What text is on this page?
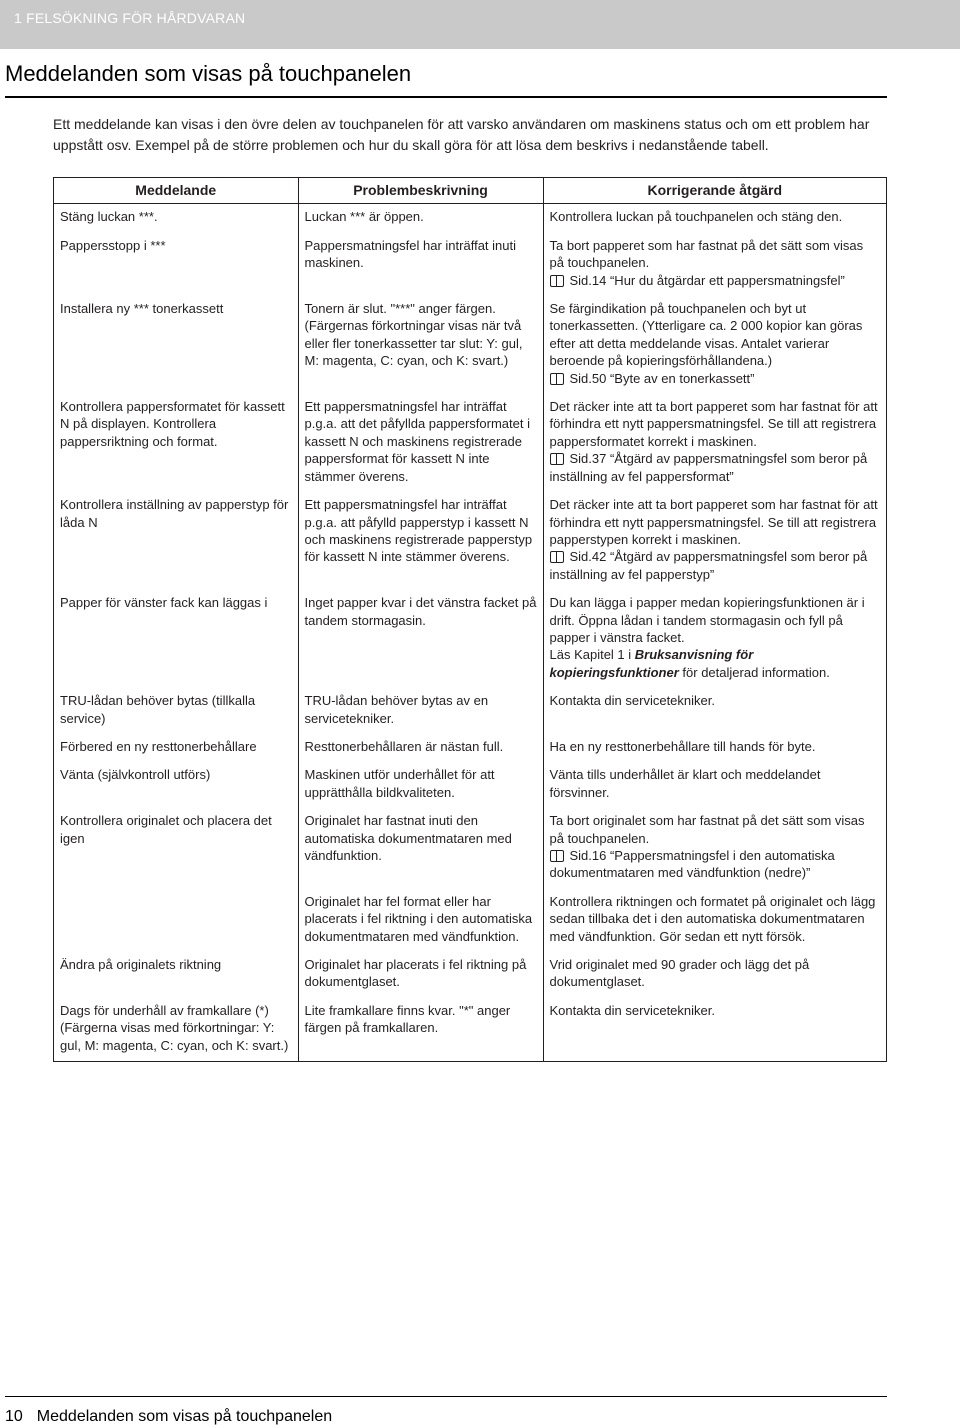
1 FELSÖKNING FÖR HÅRDVARAN
Meddelanden som visas på touchpanelen

Ett meddelande kan visas i den övre delen av touchpanelen för att varsko användaren om maskinens status och om ett problem har uppstått osv. Exempel på de större problemen och hur du skall göra för att lösa dem beskrivs i nedanstående tabell.

Meddelande	Problembeskrivning	Korrigerande åtgärd
Stäng luckan ***.	Luckan *** är öppen.	Kontrollera luckan på touchpanelen och stäng den.
Pappersstopp i ***	Pappersmatningsfel har inträffat inuti maskinen.	Ta bort papperet som har fastnat på det sätt som visas på touchpanelen.
Sid.14 “Hur du åtgärdar ett pappersmatningsfel”

Installera ny *** tonerkassett	Tonern är slut. "***" anger färgen. (Färgernas förkortningar visas när två eller fler tonerkassetter tar slut: Y: gul, M: magenta, C: cyan, och K: svart.)	Se färgindikation på touchpanelen och byt ut tonerkassetten. (Ytterligare ca. 2 000 kopior kan göras efter att detta meddelande visas. Antalet varierar beroende på kopieringsförhållandena.)
Sid.50 “Byte av en tonerkassett”

Kontrollera pappersformatet för kassett N på displayen. Kontrollera pappersriktning och format.	Ett pappersmatningsfel har inträffat p.g.a. att det påfyllda pappersformatet i kassett N och maskinens registrerade pappersformat för kassett N inte stämmer överens.	Det räcker inte att ta bort papperet som har fastnat för att förhindra ett nytt pappersmatningsfel. Se till att registrera pappersformatet korrekt i maskinen.
Sid.37 “Åtgärd av pappersmatningsfel som beror på inställning av fel pappersformat”

Kontrollera inställning av papperstyp för låda N	Ett pappersmatningsfel har inträffat p.g.a. att påfylld papperstyp i kassett N och maskinens registrerade papperstyp för kassett N inte stämmer överens.	Det räcker inte att ta bort papperet som har fastnat för att förhindra ett nytt pappersmatningsfel. Se till att registrera papperstypen korrekt i maskinen.
Sid.42 “Åtgärd av pappersmatningsfel som beror på inställning av fel papperstyp”

Papper för vänster fack kan läggas i	Inget papper kvar i det vänstra facket på tandem stormagasin.	Du kan lägga i papper medan kopieringsfunktionen är i drift. Öppna lådan i tandem stormagasin och fyll på papper i vänstra facket.
Läs Kapitel 1 i Bruksanvisning för kopieringsfunktioner för detaljerad information.

TRU-lådan behöver bytas (tillkalla service)	TRU-lådan behöver bytas av en servicetekniker.	Kontakta din servicetekniker.
Förbered en ny resttonerbehållare	Resttonerbehållaren är nästan full.	Ha en ny resttonerbehållare till hands för byte.
Vänta (självkontroll utförs)	Maskinen utför underhållet för att upprätthålla bildkvaliteten.	Vänta tills underhållet är klart och meddelandet försvinner.
Kontrollera originalet och placera det igen	Originalet har fastnat inuti den automatiska dokumentmataren med vändfunktion.	Ta bort originalet som har fastnat på det sätt som visas på touchpanelen.
Sid.16 “Pappersmatningsfel i den automatiska dokumentmataren med vändfunktion (nedre)”

	Originalet har fel format eller har placerats i fel riktning i den automatiska dokumentmataren med vändfunktion.	Kontrollera riktningen och formatet på originalet och lägg sedan tillbaka det i den automatiska dokumentmataren med vändfunktion. Gör sedan ett nytt försök.
Ändra på originalets riktning	Originalet har placerats i fel riktning på dokumentglaset.	Vrid originalet med 90 grader och lägg det på dokumentglaset.
Dags för underhåll av framkallare (*) (Färgerna visas med förkortningar: Y: gul, M: magenta, C: cyan, och K: svart.)	Lite framkallare finns kvar. "*" anger färgen på framkallaren.	Kontakta din servicetekniker.
10 Meddelanden som visas på touchpanelen
